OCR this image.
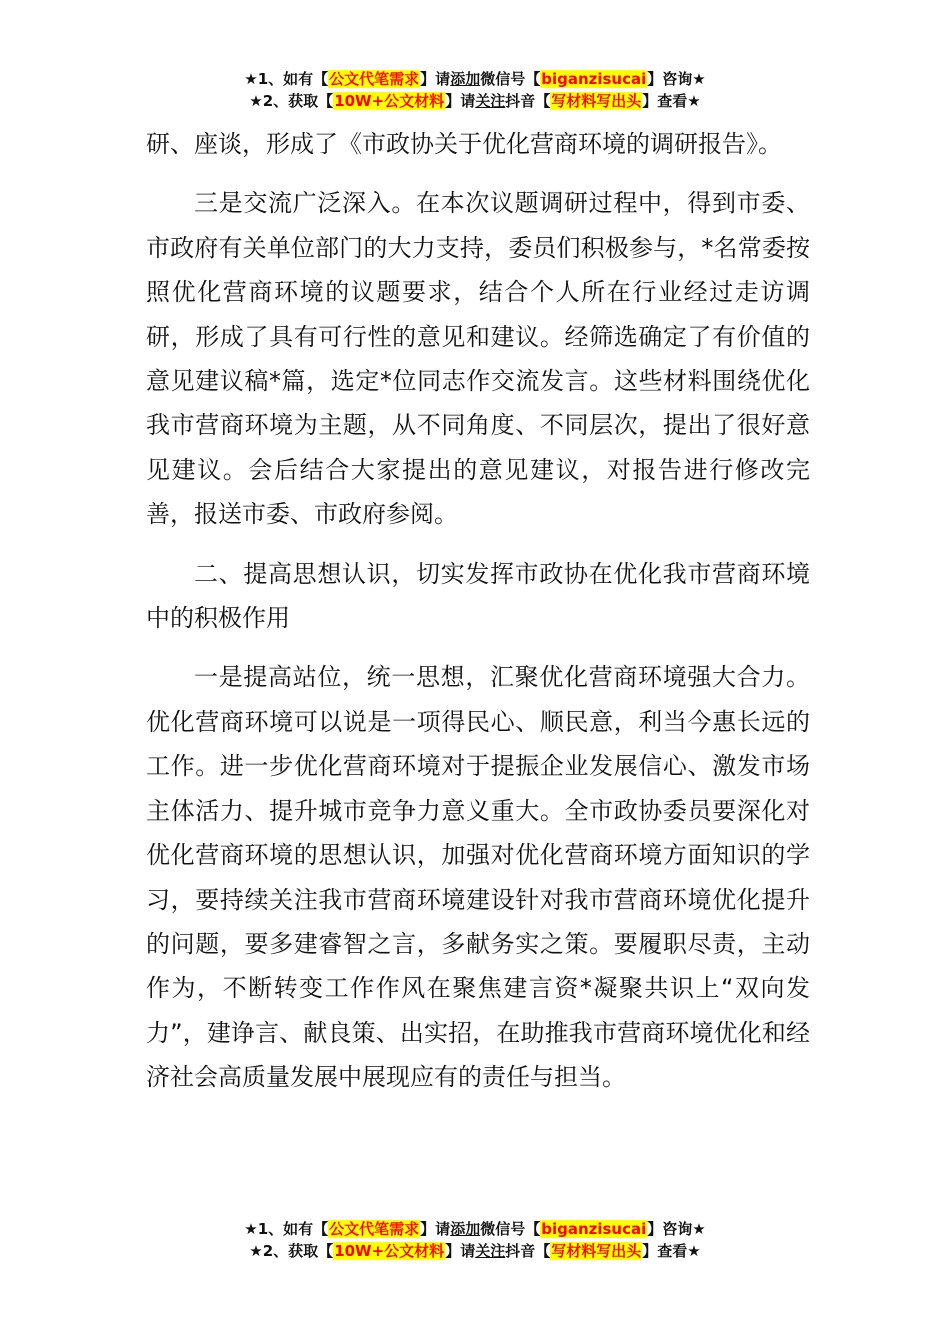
★1、如有【公文代笔需求】请添加微信号【biganzisucai】咨询★
★2、获取【10W+公文材料】请关注抖音【写材料写出头】查看★

研、座谈，形成了《市政协关于优化营商环境的调研报告》。

三是交流广泛深入。在本次议题调研过程中，得到市委、市政府有关单位部门的大力支持，委员们积极参与，*名常委按照优化营商环境的议题要求，结合个人所在行业经过走访调研，形成了具有可行性的意见和建议。经筛选确定了有价值的意见建议稿*篇，选定*位同志作交流发言。这些材料围绕优化我市营商环境为主题，从不同角度、不同层次，提出了很好意见建议。会后结合大家提出的意见建议，对报告进行修改完善，报送市委、市政府参阅。

二、提高思想认识，切实发挥市政协在优化我市营商环境中的积极作用

一是提高站位，统一思想，汇聚优化营商环境强大合力。优化营商环境可以说是一项得民心、顺民意，利当今惠长远的工作。进一步优化营商环境对于提振企业发展信心、激发市场主体活力、提升城市竞争力意义重大。全市政协委员要深化对优化营商环境的思想认识，加强对优化营商环境方面知识的学习，要持续关注我市营商环境建设针对我市营商环境优化提升的问题，要多建睿智之言，多献务实之策。要履职尽责，主动作为，不断转变工作作风在聚焦建言资*凝聚共识上“双向发力”，建诤言、献良策、出实招，在助推我市营商环境优化和经济社会高质量发展中展现应有的责任与担当。

★1、如有【公文代笔需求】请添加微信号【biganzisucai】咨询★
★2、获取【10W+公文材料】请关注抖音【写材料写出头】查看★
